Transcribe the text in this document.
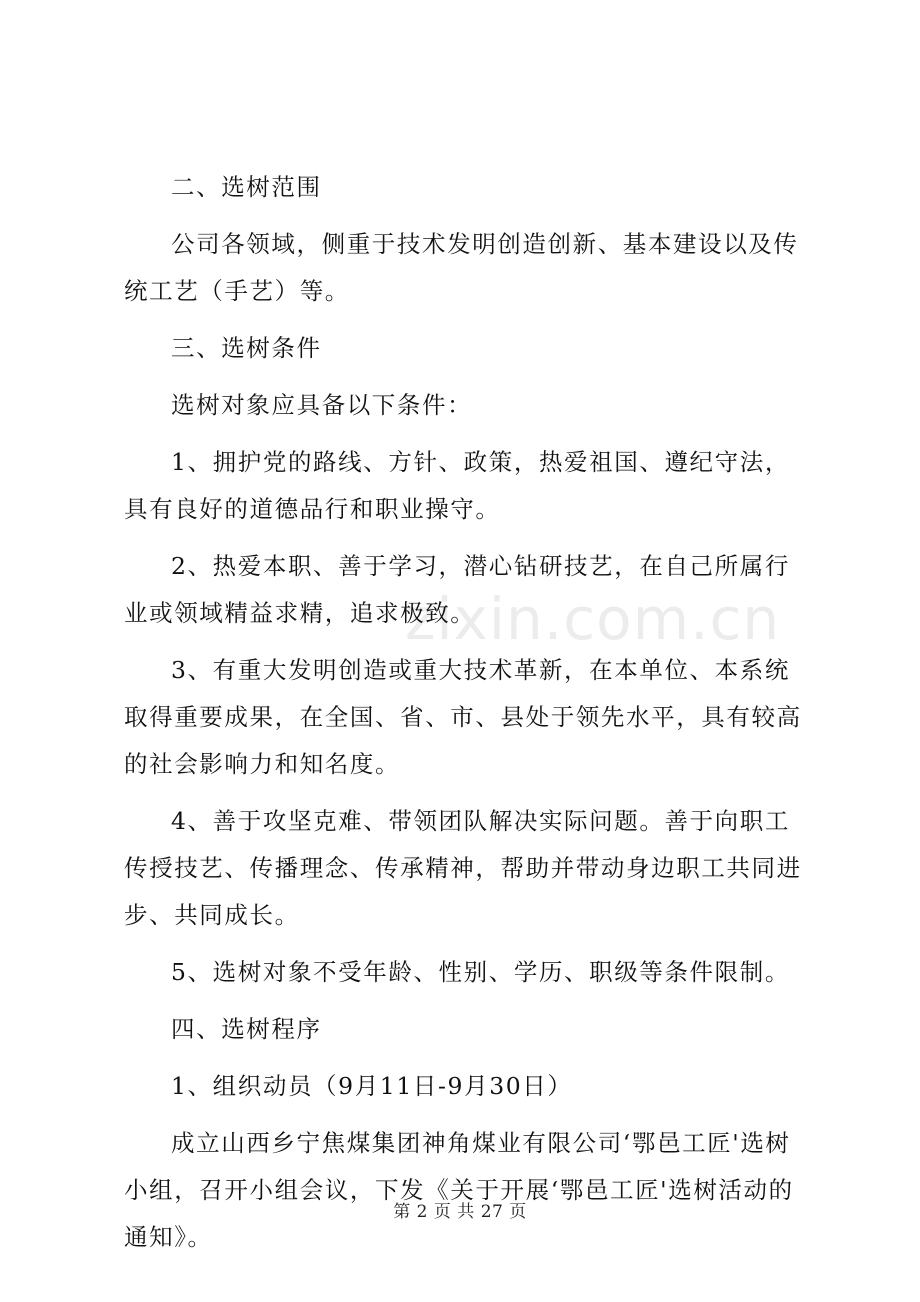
zixin.com.cn

二、选树范围

公司各领域，侧重于技术发明创造创新、基本建设以及传统工艺（手艺）等。

三、选树条件

选树对象应具备以下条件：

1、拥护党的路线、方针、政策，热爱祖国、遵纪守法，具有良好的道德品行和职业操守。

2、热爱本职、善于学习，潜心钻研技艺，在自己所属行业或领域精益求精，追求极致。

3、有重大发明创造或重大技术革新，在本单位、本系统取得重要成果，在全国、省、市、县处于领先水平，具有较高的社会影响力和知名度。

4、善于攻坚克难、带领团队解决实际问题。善于向职工传授技艺、传播理念、传承精神，帮助并带动身边职工共同进步、共同成长。

5、选树对象不受年龄、性别、学历、职级等条件限制。

四、选树程序

1、组织动员（9月11日-9月30日）

成立山西乡宁焦煤集团神角煤业有限公司‘鄂邑工匠'选树小组，召开小组会议，下发《关于开展‘鄂邑工匠'选树活动的通知》。

第 2 页 共 27 页
